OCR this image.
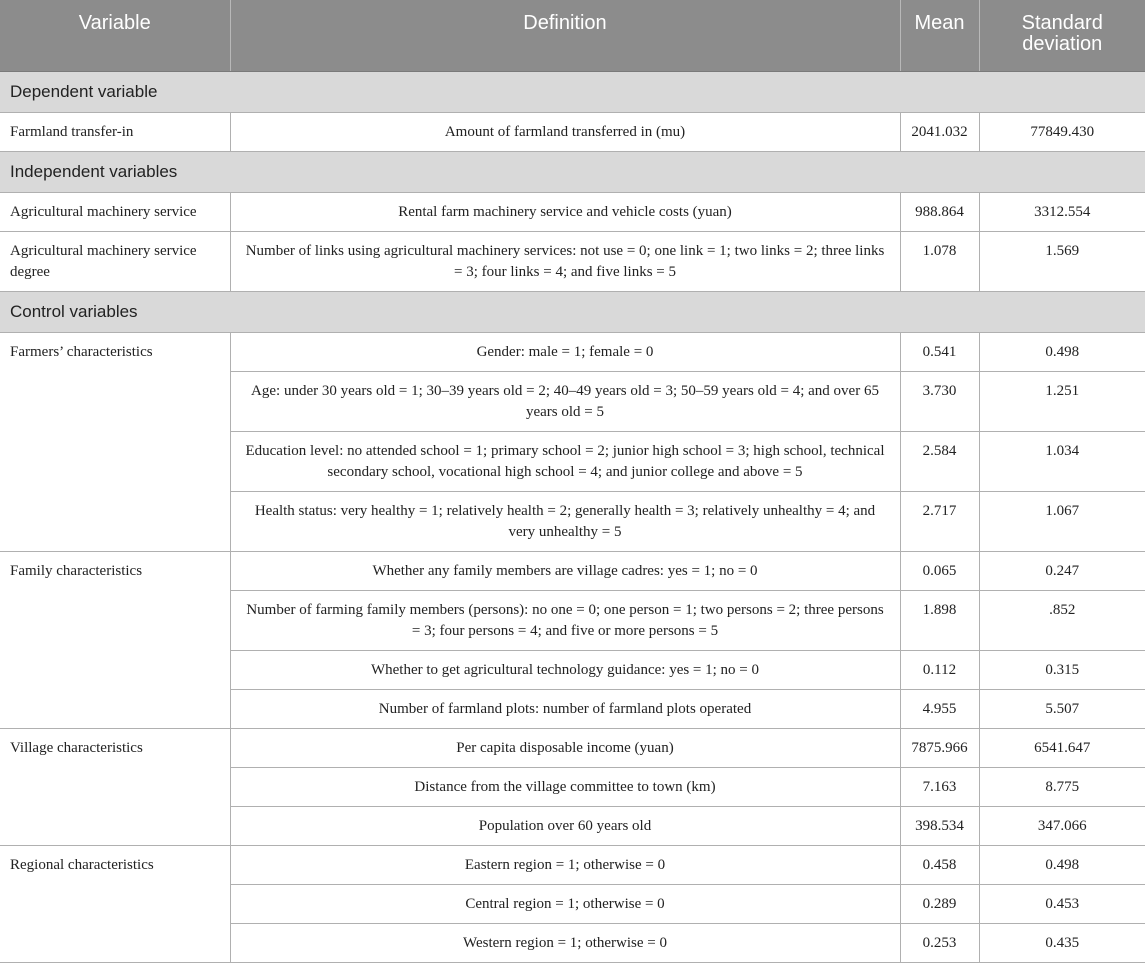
Variable	Definition	Mean	Standard deviation

Dependent variable			
Farmland transfer-in	Amount of farmland transferred in (mu)	2041.032	77849.430
Independent variables			
Agricultural machinery service	Rental farm machinery service and vehicle costs (yuan)	988.864	3312.554
Agricultural machinery service degree	Number of links using agricultural machinery services: not use = 0; one link = 1; two links = 2; three links = 3; four links = 4; and five links = 5	1.078	1.569
Control variables			
Farmers’ characteristics	Gender: male = 1; female = 0	0.541	0.498
	Age: under 30 years old = 1; 30–39 years old = 2; 40–49 years old = 3; 50–59 years old = 4; and over 65 years old = 5	3.730	1.251
	Education level: no attended school = 1; primary school = 2; junior high school = 3; high school, technical secondary school, vocational high school = 4; and junior college and above = 5	2.584	1.034
	Health status: very healthy = 1; relatively health = 2; generally health = 3; relatively unhealthy = 4; and very unhealthy = 5	2.717	1.067
Family characteristics	Whether any family members are village cadres: yes = 1; no = 0	0.065	0.247
	Number of farming family members (persons): no one = 0; one person = 1; two persons = 2; three persons = 3; four persons = 4; and five or more persons = 5	1.898	.852
	Whether to get agricultural technology guidance: yes = 1; no = 0	0.112	0.315
	Number of farmland plots: number of farmland plots operated	4.955	5.507
Village characteristics	Per capita disposable income (yuan)	7875.966	6541.647
	Distance from the village committee to town (km)	7.163	8.775
	Population over 60 years old	398.534	347.066
Regional characteristics	Eastern region = 1; otherwise = 0	0.458	0.498
	Central region = 1; otherwise = 0	0.289	0.453
	Western region = 1; otherwise = 0	0.253	0.435
